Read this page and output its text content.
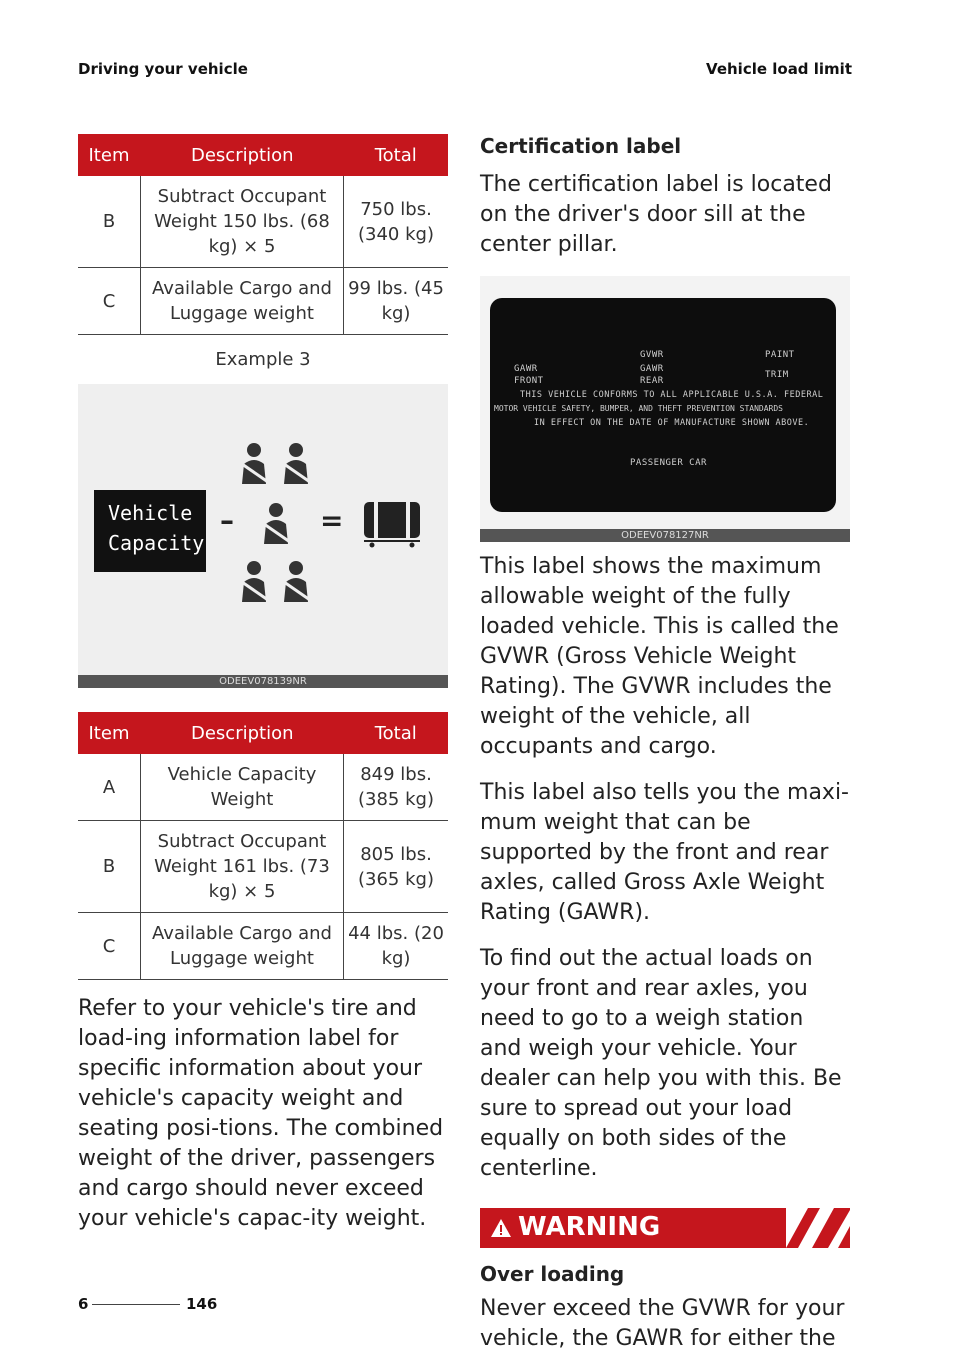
Driving your vehicle	Vehicle load limit
Item	Description	Total
B	Subtract Occupant Weight 150 lbs. (68 kg) × 5	750 lbs. (340 kg)
C	Available Cargo and Luggage weight	99 lbs. (45 kg)
Example 3
Vehicle
Capacity
–	=
ODEEV078139NR
Item	Description	Total
A	Vehicle Capacity Weight	849 lbs. (385 kg)
B	Subtract Occupant Weight 161 lbs. (73 kg) × 5	805 lbs. (365 kg)
C	Available Cargo and Luggage weight	44 lbs. (20 kg)

Refer to your vehicle's tire and load-ing information label for specific information about your vehicle's capacity weight and seating posi-tions. The combined weight of the driver, passengers and cargo should never exceed your vehicle's capac-ity weight.

Certification label

The certification label is located on the driver's door sill at the center pillar.

GVWR	PAINT
GAWR	GAWR
FRONT	REAR
TRIM
THIS VEHICLE CONFORMS TO ALL APPLICABLE U.S.A. FEDERAL
MOTOR VEHICLE SAFETY, BUMPER, AND THEFT PREVENTION STANDARDS
IN EFFECT ON THE DATE OF MANUFACTURE SHOWN ABOVE.
PASSENGER CAR
ODEEV078127NR

This label shows the maximum allowable weight of the fully loaded vehicle. This is called the GVWR (Gross Vehicle Weight Rating). The GVWR includes the weight of the vehicle, all occupants and cargo.

This label also tells you the maxi-mum weight that can be supported by the front and rear axles, called Gross Axle Weight Rating (GAWR).

To find out the actual loads on your front and rear axles, you need to go to a weigh station and weigh your vehicle. Your dealer can help you with this. Be sure to spread out your load equally on both sides of the centerline.

WARNING
Over loading

Never exceed the GVWR for your vehicle, the GAWR for either the

6	146
